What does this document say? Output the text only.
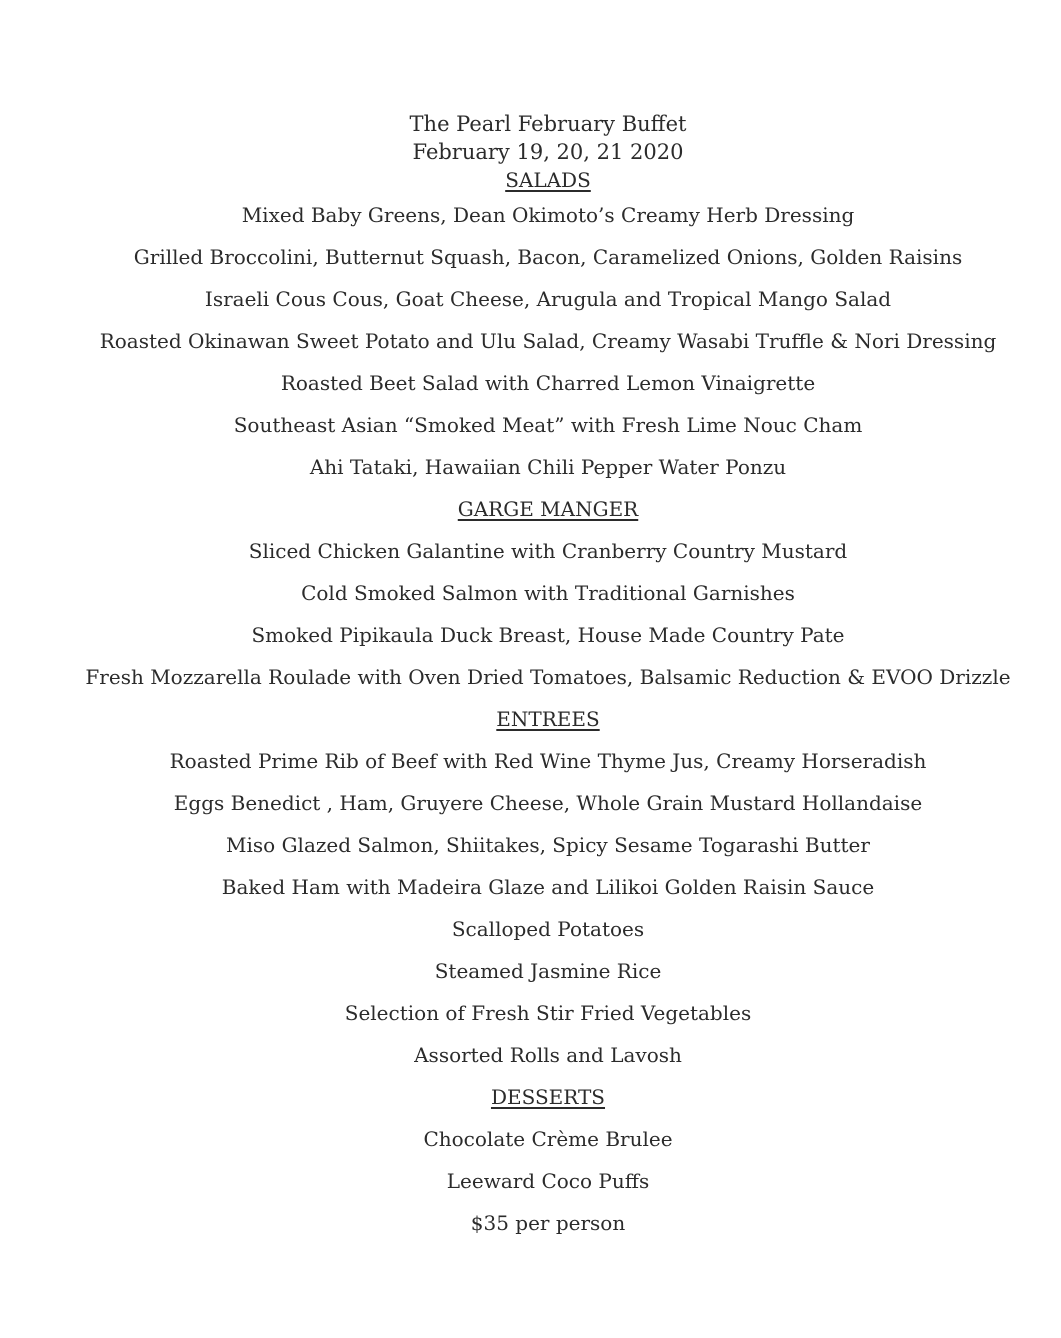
The Pearl February Buffet

February 19, 20, 21 2020

SALADS

Mixed Baby Greens, Dean Okimoto’s Creamy Herb Dressing

Grilled Broccolini, Butternut Squash, Bacon, Caramelized Onions, Golden Raisins

Israeli Cous Cous, Goat Cheese, Arugula and Tropical Mango Salad

Roasted Okinawan Sweet Potato and Ulu Salad, Creamy Wasabi Truffle & Nori Dressing

Roasted Beet Salad with Charred Lemon Vinaigrette

Southeast Asian “Smoked Meat” with Fresh Lime Nouc Cham

Ahi Tataki, Hawaiian Chili Pepper Water Ponzu

GARGE MANGER

Sliced Chicken Galantine with Cranberry Country Mustard

Cold Smoked Salmon with Traditional Garnishes

Smoked Pipikaula Duck Breast, House Made Country Pate

Fresh Mozzarella Roulade with Oven Dried Tomatoes, Balsamic Reduction & EVOO Drizzle

ENTREES

Roasted Prime Rib of Beef with Red Wine Thyme Jus, Creamy Horseradish

Eggs Benedict , Ham, Gruyere Cheese, Whole Grain Mustard Hollandaise

Miso Glazed Salmon, Shiitakes, Spicy Sesame Togarashi Butter

Baked Ham with Madeira Glaze and Lilikoi Golden Raisin Sauce

Scalloped Potatoes

Steamed Jasmine Rice

Selection of Fresh Stir Fried Vegetables

Assorted Rolls and Lavosh

DESSERTS

Chocolate Crème Brulee

Leeward Coco Puffs

$35 per person
